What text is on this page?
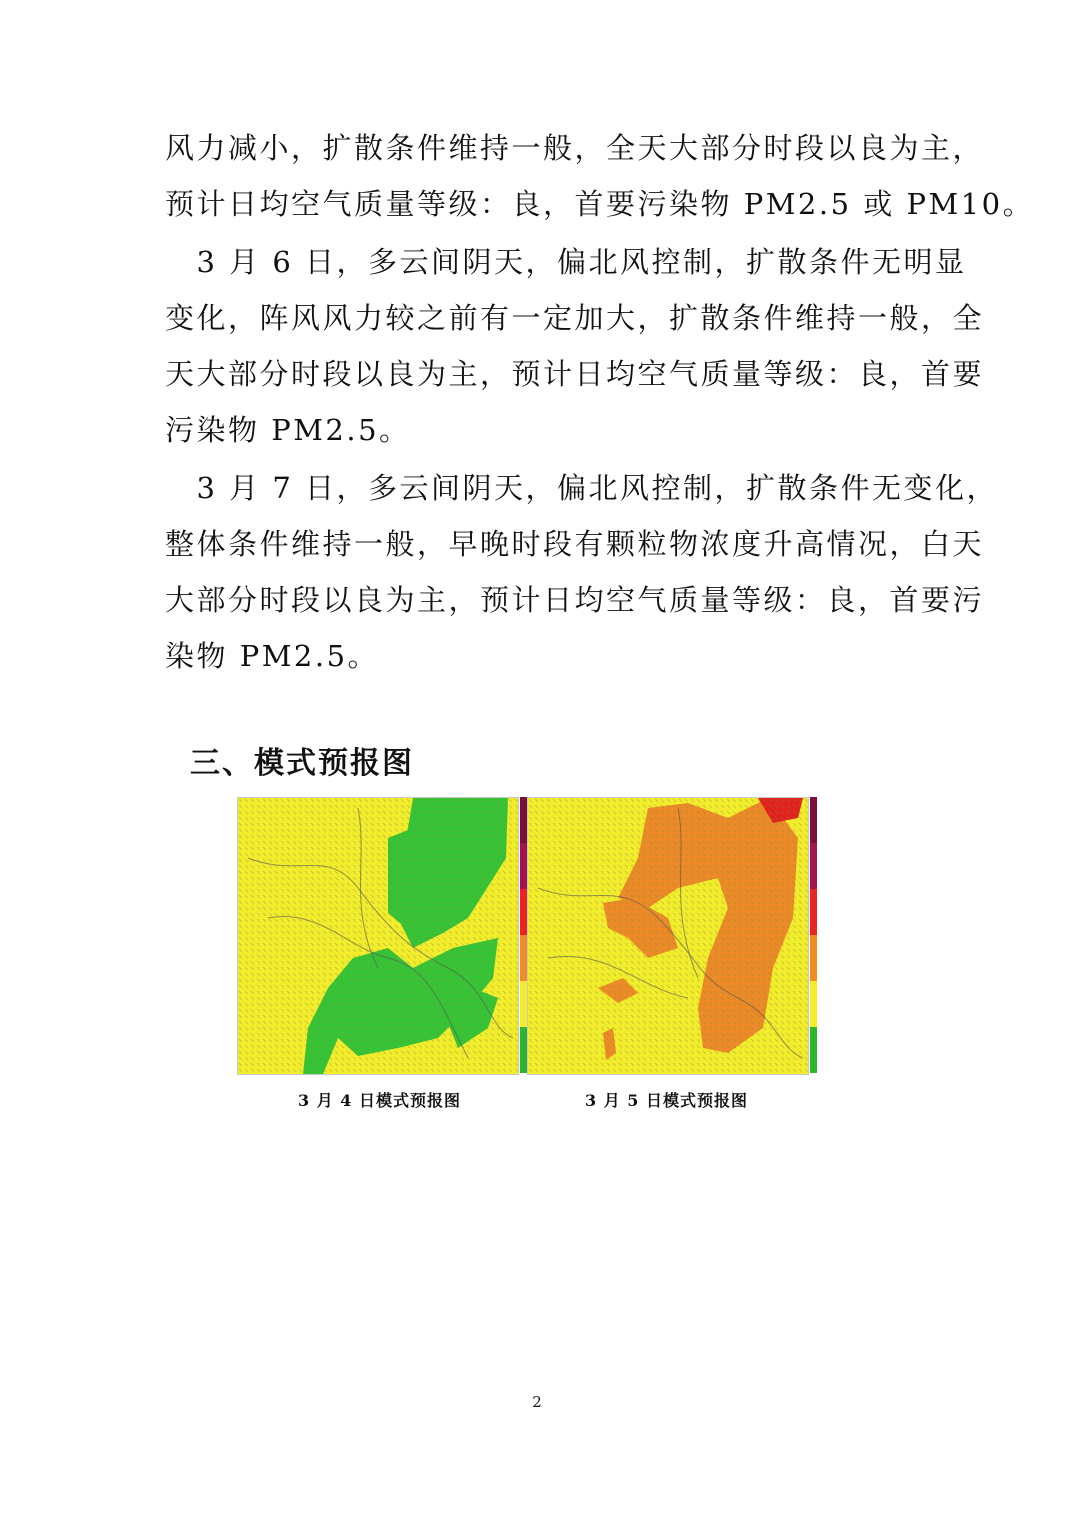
风力减小，扩散条件维持一般，全天大部分时段以良为主，
预计日均空气质量等级：良，首要污染物 PM2.5 或 PM10。
　3 月 6 日，多云间阴天，偏北风控制，扩散条件无明显
变化，阵风风力较之前有一定加大，扩散条件维持一般，全
天大部分时段以良为主，预计日均空气质量等级：良，首要
污染物 PM2.5。
　3 月 7 日，多云间阴天，偏北风控制，扩散条件无变化，
整体条件维持一般，早晚时段有颗粒物浓度升高情况，白天
大部分时段以良为主，预计日均空气质量等级：良，首要污
染物 PM2.5。
三、模式预报图
3 月 4 日模式预报图	3 月 5 日模式预报图
2
